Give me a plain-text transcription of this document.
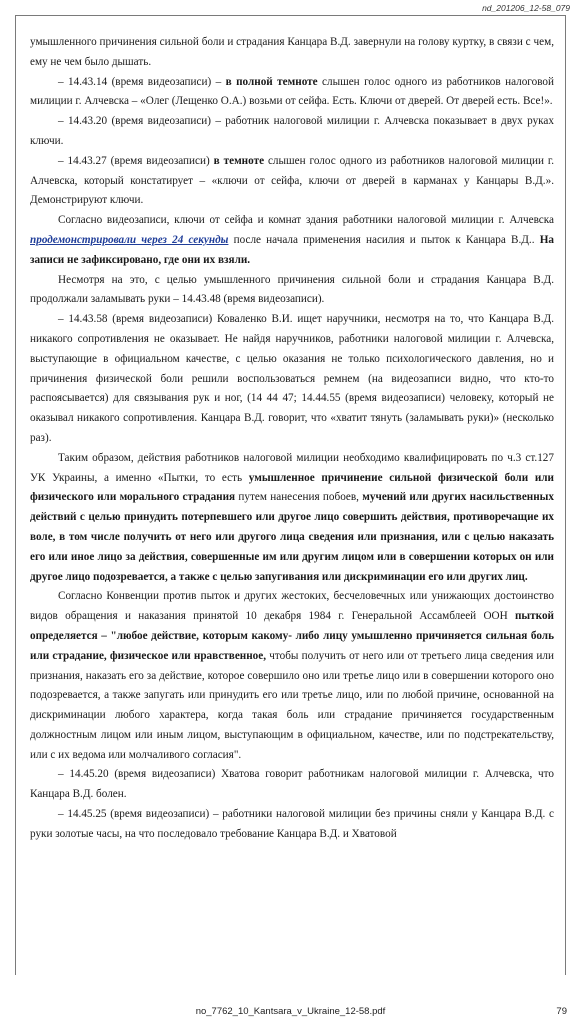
nd_201206_12-58_079

умышленного причинения сильной боли и страдания Канцара В.Д. завернули на голову куртку, в связи с чем, ему не чем было дышать.

– 14.43.14 (время видеозаписи) – в полной темноте слышен голос одного из работников налоговой милиции г. Алчевска – «Олег (Лещенко О.А.) возьми от сейфа. Есть. Ключи от дверей. От дверей есть. Все!».

– 14.43.20 (время видеозаписи) – работник налоговой милиции г. Алчевска показывает в двух руках ключи.

– 14.43.27 (время видеозаписи) в темноте слышен голос одного из работников налоговой милиции г. Алчевска, который констатирует – «ключи от сейфа, ключи от дверей в карманах у Канцары В.Д.». Демонстрируют ключи.

Согласно видеозаписи, ключи от сейфа и комнат здания работники налоговой милиции г. Алчевска продемонстрировали через 24 секунды после начала применения насилия и пыток к Канцара В.Д.. На записи не зафиксировано, где они их взяли.

Несмотря на это, с целью умышленного причинения сильной боли и страдания Канцара В.Д. продолжали заламывать руки – 14.43.48 (время видеозаписи).

– 14.43.58 (время видеозаписи) Коваленко В.И. ищет наручники, несмотря на то, что Канцара В.Д. никакого сопротивления не оказывает. Не найдя наручников, работники налоговой милиции г. Алчевска, выступающие в официальном качестве, с целью оказания не только психологического давления, но и причинения физической боли решили воспользоваться ремнем (на видеозаписи видно, что кто-то распоясывается) для связывания рук и ног, (14 44 47; 14.44.55 (время видеозаписи) человеку, который не оказывал никакого сопротивления. Канцара В.Д. говорит, что «хватит тянуть (заламывать руки)» (несколько раз).

Таким образом, действия работников налоговой милиции необходимо квалифицировать по ч.3 ст.127 УК Украины, а именно «Пытки, то есть умышленное причинение сильной физической боли или физического или морального страдания путем нанесения побоев, мучений или других насильственных действий с целью принудить потерпевшего или другое лицо совершить действия, противоречащие их воле, в том числе получить от него или другого лица сведения или признания, или с целью наказать его или иное лицо за действия, совершенные им или другим лицом или в совершении которых он или другое лицо подозревается, а также с целью запугивания или дискриминации его или других лиц.

Согласно Конвенции против пыток и других жестоких, бесчеловечных или унижающих достоинство видов обращения и наказания принятой 10 декабря 1984 г. Генеральной Ассамблеей ООН пыткой определяется – "любое действие, которым какому- либо лицу умышленно причиняется сильная боль или страдание, физическое или нравственное, чтобы получить от него или от третьего лица сведения или признания, наказать его за действие, которое совершило оно или третье лицо или в совершении которого оно подозревается, а также запугать или принудить его или третье лицо, или по любой причине, основанной на дискриминации любого характера, когда такая боль или страдание причиняется государственным должностным лицом или иным лицом, выступающим в официальном, качестве, или по подстрекательству, или с их ведома или молчаливого согласия".

– 14.45.20 (время видеозаписи) Хватова говорит работникам налоговой милиции г. Алчевска, что Канцара В.Д. болен.

– 14.45.25 (время видеозаписи) – работники налоговой милиции без причины сняли у Канцара В.Д. с руки золотые часы, на что последовало требование Канцара В.Д. и Хватовой

no_7762_10_Kantsara_v_Ukraine_12-58.pdf	79
